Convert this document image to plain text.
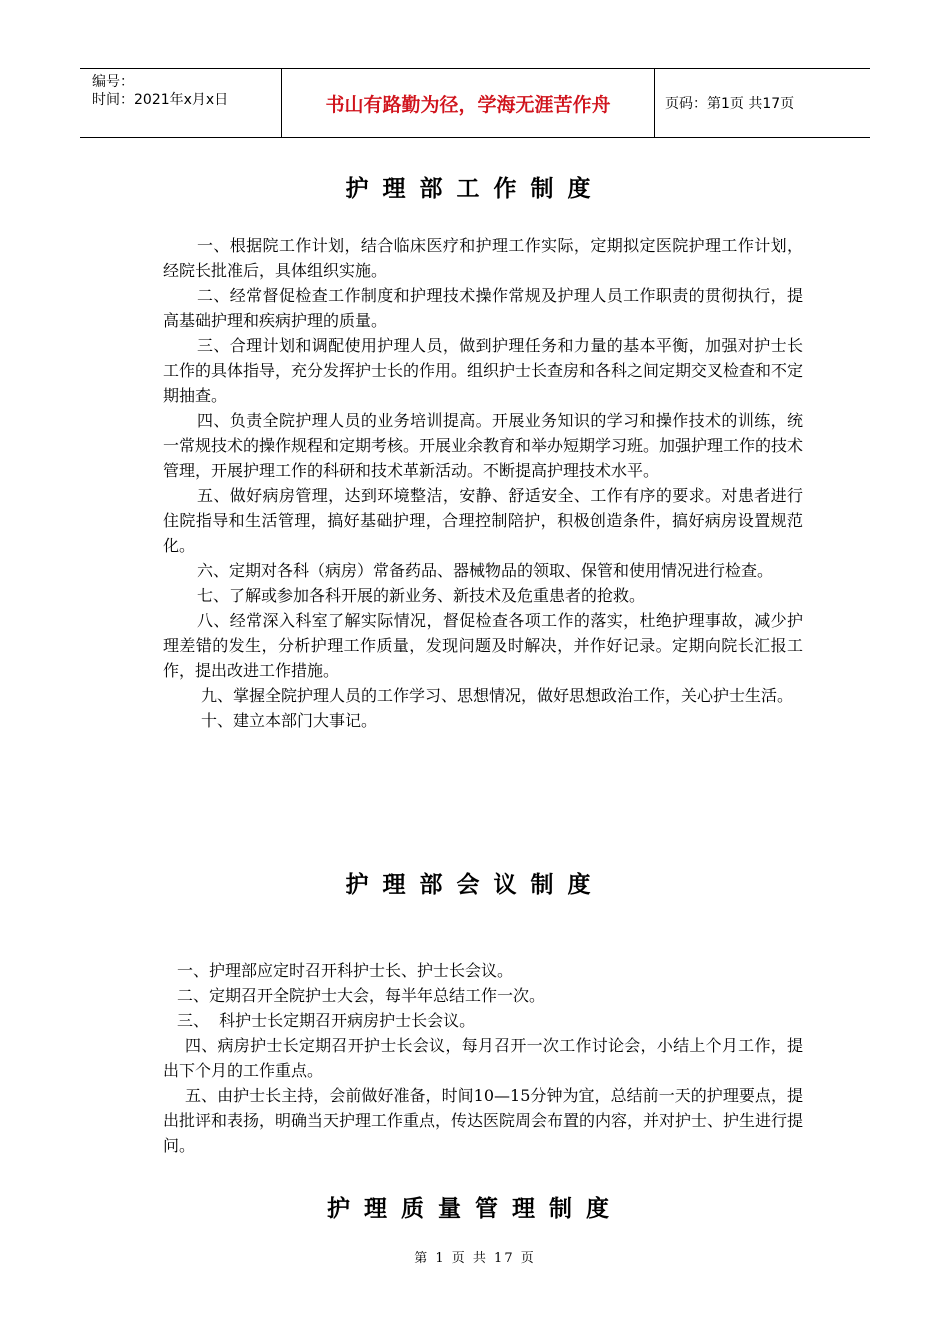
编号：
时间：2021年x月x日	书山有路勤为径，学海无涯苦作舟	页码：第1页 共17页
护理部工作制度

一、根据院工作计划，结合临床医疗和护理工作实际，定期拟定医院护理工作计划，经院长批准后，具体组织实施。

二、经常督促检查工作制度和护理技术操作常规及护理人员工作职责的贯彻执行，提高基础护理和疾病护理的质量。

三、合理计划和调配使用护理人员，做到护理任务和力量的基本平衡，加强对护士长工作的具体指导，充分发挥护士长的作用。组织护士长查房和各科之间定期交叉检查和不定期抽查。

四、负责全院护理人员的业务培训提高。开展业务知识的学习和操作技术的训练，统一常规技术的操作规程和定期考核。开展业余教育和举办短期学习班。加强护理工作的技术管理，开展护理工作的科研和技术革新活动。不断提高护理技术水平。

五、做好病房管理，达到环境整洁，安静、舒适安全、工作有序的要求。对患者进行住院指导和生活管理，搞好基础护理，合理控制陪护，积极创造条件，搞好病房设置规范化。

六、定期对各科（病房）常备药品、器械物品的领取、保管和使用情况进行检查。

七、了解或参加各科开展的新业务、新技术及危重患者的抢救。

八、经常深入科室了解实际情况，督促检查各项工作的落实，杜绝护理事故，减少护理差错的发生，分析护理工作质量，发现问题及时解决，并作好记录。定期向院长汇报工作，提出改进工作措施。

九、掌握全院护理人员的工作学习、思想情况，做好思想政治工作，关心护士生活。

十、建立本部门大事记。

护理部会议制度

一、护理部应定时召开科护士长、护士长会议。

二、定期召开全院护士大会，每半年总结工作一次。

三、  科护士长定期召开病房护士长会议。

四、病房护士长定期召开护士长会议，每月召开一次工作讨论会，小结上个月工作，提出下个月的工作重点。

五、由护士长主持，会前做好准备，时间10—15分钟为宜，总结前一天的护理要点，提出批评和表扬，明确当天护理工作重点，传达医院周会布置的内容，并对护士、护生进行提问。

护理质量管理制度
第 1 页 共 17 页
